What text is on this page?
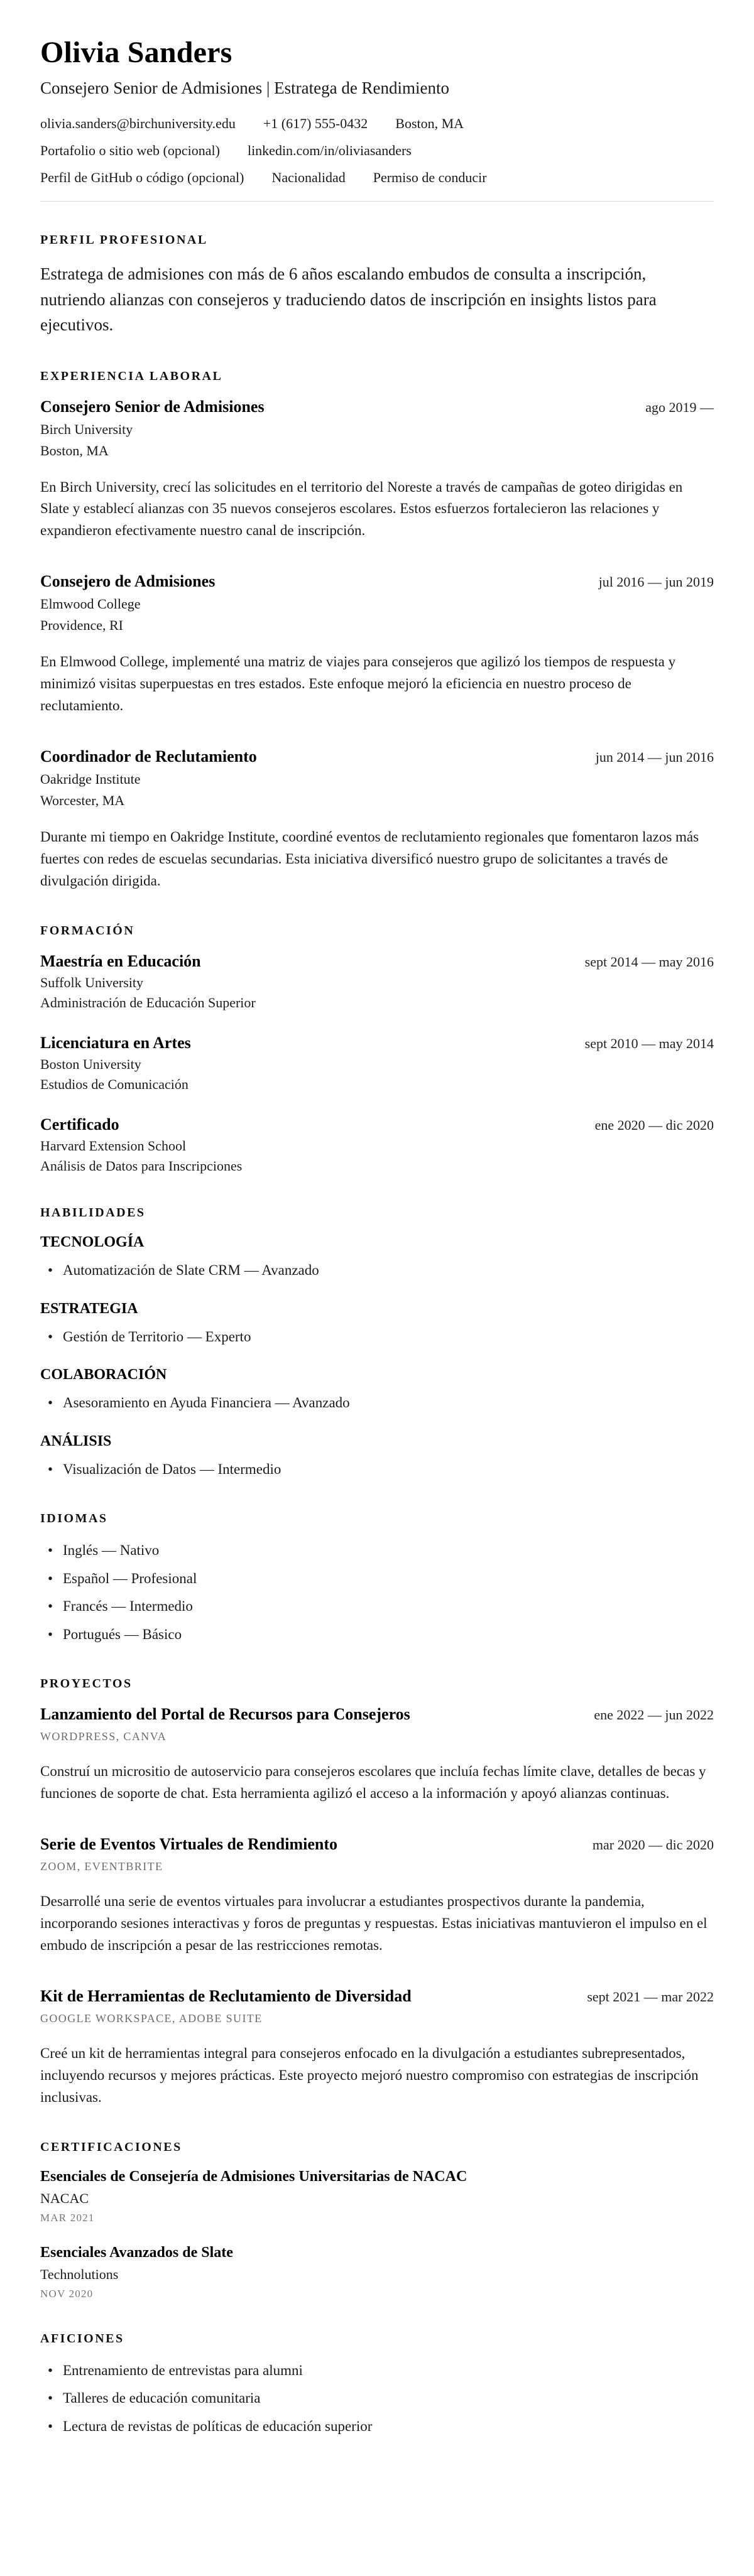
Olivia Sanders
Consejero Senior de Admisiones | Estratega de Rendimiento
olivia.sanders@birchuniversity.edu +1 (617) 555-0432 Boston, MA
Portafolio o sitio web (opcional) linkedin.com/in/oliviasanders
Perfil de GitHub o código (opcional) Nacionalidad Permiso de conducir
PERFIL PROFESIONAL

Estratega de admisiones con más de 6 años escalando embudos de consulta a inscripción, nutriendo alianzas con consejeros y traduciendo datos de inscripción en insights listos para ejecutivos.

EXPERIENCIA LABORAL
Consejero Senior de Admisiones	ago 2019 —
Birch University
Boston, MA

En Birch University, crecí las solicitudes en el territorio del Noreste a través de campañas de goteo dirigidas en Slate y establecí alianzas con 35 nuevos consejeros escolares. Estos esfuerzos fortalecieron las relaciones y expandieron efectivamente nuestro canal de inscripción.

Consejero de Admisiones	jul 2016 — jun 2019
Elmwood College
Providence, RI

En Elmwood College, implementé una matriz de viajes para consejeros que agilizó los tiempos de respuesta y minimizó visitas superpuestas en tres estados. Este enfoque mejoró la eficiencia en nuestro proceso de reclutamiento.

Coordinador de Reclutamiento	jun 2014 — jun 2016
Oakridge Institute
Worcester, MA

Durante mi tiempo en Oakridge Institute, coordiné eventos de reclutamiento regionales que fomentaron lazos más fuertes con redes de escuelas secundarias. Esta iniciativa diversificó nuestro grupo de solicitantes a través de divulgación dirigida.

FORMACIÓN
Maestría en Educación	sept 2014 — may 2016
Suffolk University
Administración de Educación Superior
Licenciatura en Artes	sept 2010 — may 2014
Boston University
Estudios de Comunicación
Certificado	ene 2020 — dic 2020
Harvard Extension School
Análisis de Datos para Inscripciones
HABILIDADES
TECNOLOGÍA
• Automatización de Slate CRM — Avanzado
ESTRATEGIA
• Gestión de Territorio — Experto
COLABORACIÓN
• Asesoramiento en Ayuda Financiera — Avanzado
ANÁLISIS
• Visualización de Datos — Intermedio
IDIOMAS
• Inglés — Nativo
• Español — Profesional
• Francés — Intermedio
• Portugués — Básico
PROYECTOS
Lanzamiento del Portal de Recursos para Consejeros	ene 2022 — jun 2022
WORDPRESS, CANVA

Construí un micrositio de autoservicio para consejeros escolares que incluía fechas límite clave, detalles de becas y funciones de soporte de chat. Esta herramienta agilizó el acceso a la información y apoyó alianzas continuas.

Serie de Eventos Virtuales de Rendimiento	mar 2020 — dic 2020
ZOOM, EVENTBRITE

Desarrollé una serie de eventos virtuales para involucrar a estudiantes prospectivos durante la pandemia, incorporando sesiones interactivas y foros de preguntas y respuestas. Estas iniciativas mantuvieron el impulso en el embudo de inscripción a pesar de las restricciones remotas.

Kit de Herramientas de Reclutamiento de Diversidad	sept 2021 — mar 2022
GOOGLE WORKSPACE, ADOBE SUITE

Creé un kit de herramientas integral para consejeros enfocado en la divulgación a estudiantes subrepresentados, incluyendo recursos y mejores prácticas. Este proyecto mejoró nuestro compromiso con estrategias de inscripción inclusivas.

CERTIFICACIONES
Esenciales de Consejería de Admisiones Universitarias de NACAC
NACAC
MAR 2021
Esenciales Avanzados de Slate
Technolutions
NOV 2020
AFICIONES
• Entrenamiento de entrevistas para alumni
• Talleres de educación comunitaria
• Lectura de revistas de políticas de educación superior
